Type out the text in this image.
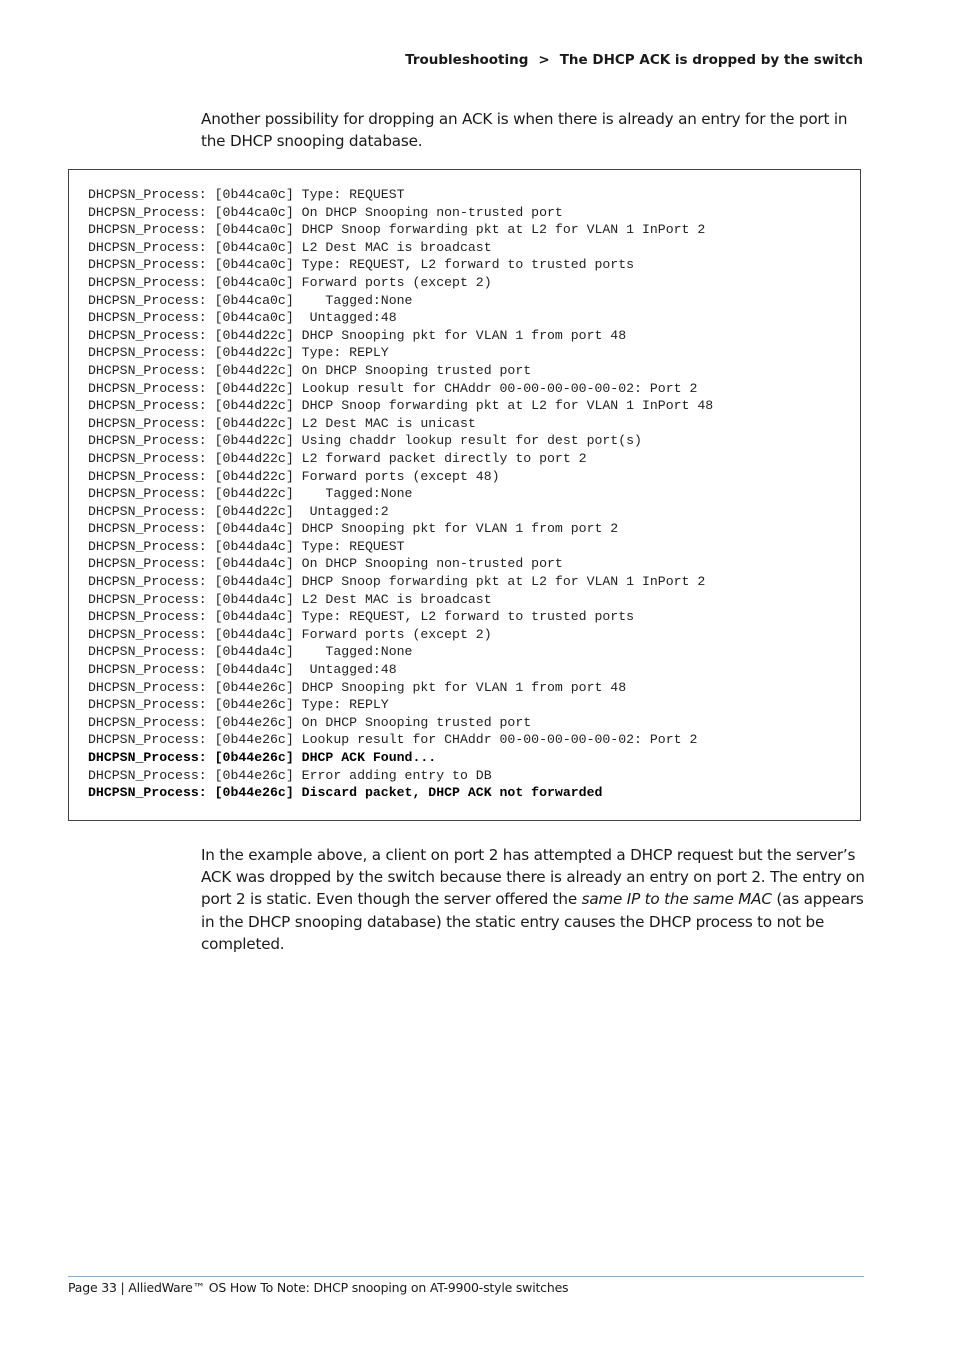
Troubleshooting > The DHCP ACK is dropped by the switch

Another possibility for dropping an ACK is when there is already an entry for the port in the DHCP snooping database.

DHCPSN_Process: [0b44ca0c] Type: REQUEST
DHCPSN_Process: [0b44ca0c] On DHCP Snooping non-trusted port
DHCPSN_Process: [0b44ca0c] DHCP Snoop forwarding pkt at L2 for VLAN 1 InPort 2
DHCPSN_Process: [0b44ca0c] L2 Dest MAC is broadcast
DHCPSN_Process: [0b44ca0c] Type: REQUEST, L2 forward to trusted ports
DHCPSN_Process: [0b44ca0c] Forward ports (except 2)
DHCPSN_Process: [0b44ca0c]    Tagged:None
DHCPSN_Process: [0b44ca0c]  Untagged:48
DHCPSN_Process: [0b44d22c] DHCP Snooping pkt for VLAN 1 from port 48
DHCPSN_Process: [0b44d22c] Type: REPLY
DHCPSN_Process: [0b44d22c] On DHCP Snooping trusted port
DHCPSN_Process: [0b44d22c] Lookup result for CHAddr 00-00-00-00-00-02: Port 2
DHCPSN_Process: [0b44d22c] DHCP Snoop forwarding pkt at L2 for VLAN 1 InPort 48
DHCPSN_Process: [0b44d22c] L2 Dest MAC is unicast
DHCPSN_Process: [0b44d22c] Using chaddr lookup result for dest port(s)
DHCPSN_Process: [0b44d22c] L2 forward packet directly to port 2
DHCPSN_Process: [0b44d22c] Forward ports (except 48)
DHCPSN_Process: [0b44d22c]    Tagged:None
DHCPSN_Process: [0b44d22c]  Untagged:2
DHCPSN_Process: [0b44da4c] DHCP Snooping pkt for VLAN 1 from port 2
DHCPSN_Process: [0b44da4c] Type: REQUEST
DHCPSN_Process: [0b44da4c] On DHCP Snooping non-trusted port
DHCPSN_Process: [0b44da4c] DHCP Snoop forwarding pkt at L2 for VLAN 1 InPort 2
DHCPSN_Process: [0b44da4c] L2 Dest MAC is broadcast
DHCPSN_Process: [0b44da4c] Type: REQUEST, L2 forward to trusted ports
DHCPSN_Process: [0b44da4c] Forward ports (except 2)
DHCPSN_Process: [0b44da4c]    Tagged:None
DHCPSN_Process: [0b44da4c]  Untagged:48
DHCPSN_Process: [0b44e26c] DHCP Snooping pkt for VLAN 1 from port 48
DHCPSN_Process: [0b44e26c] Type: REPLY
DHCPSN_Process: [0b44e26c] On DHCP Snooping trusted port
DHCPSN_Process: [0b44e26c] Lookup result for CHAddr 00-00-00-00-00-02: Port 2
DHCPSN_Process: [0b44e26c] DHCP ACK Found...
DHCPSN_Process: [0b44e26c] Error adding entry to DB
DHCPSN_Process: [0b44e26c] Discard packet, DHCP ACK not forwarded

In the example above, a client on port 2 has attempted a DHCP request but the server’s ACK was dropped by the switch because there is already an entry on port 2. The entry on port 2 is static. Even though the server offered the same IP to the same MAC (as appears in the DHCP snooping database) the static entry causes the DHCP process to not be completed.

Page 33 | AlliedWare™ OS How To Note: DHCP snooping on AT-9900-style switches
